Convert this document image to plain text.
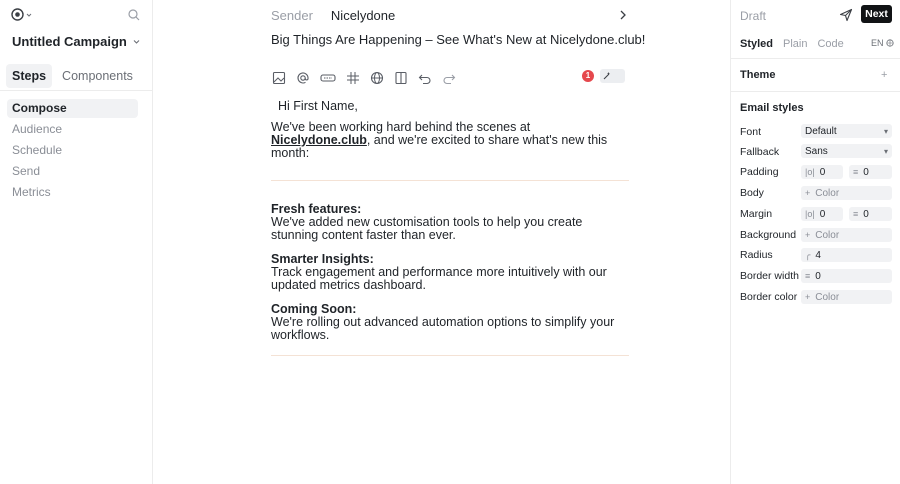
Untitled Campaign
Steps	Components
Compose
Audience
Schedule
Send
Metrics
Sender Nicelydone
Big Things Are Happening – See What's New at Nicelydone.club!
1
Hi First Name,
We've been working hard behind the scenes at Nicelydone.club, and we're excited to share what's new this month:
Fresh features:
We've added new customisation tools to help you create stunning content faster than ever.
Smarter Insights:
Track engagement and performance more intuitively with our updated metrics dashboard.
Coming Soon:
We're rolling out advanced automation options to simplify your workflows.
Draft	Next
Styled Plain Code	EN
Theme	+
Email styles
Font	Default	▾
Fallback	Sans	▾
Padding	|o| 0	≡ 0
Body	+ Color
Margin	|o| 0	≡ 0
Background + Color
Radius	╭ 4
Border width ≡ 0
Border color + Color
